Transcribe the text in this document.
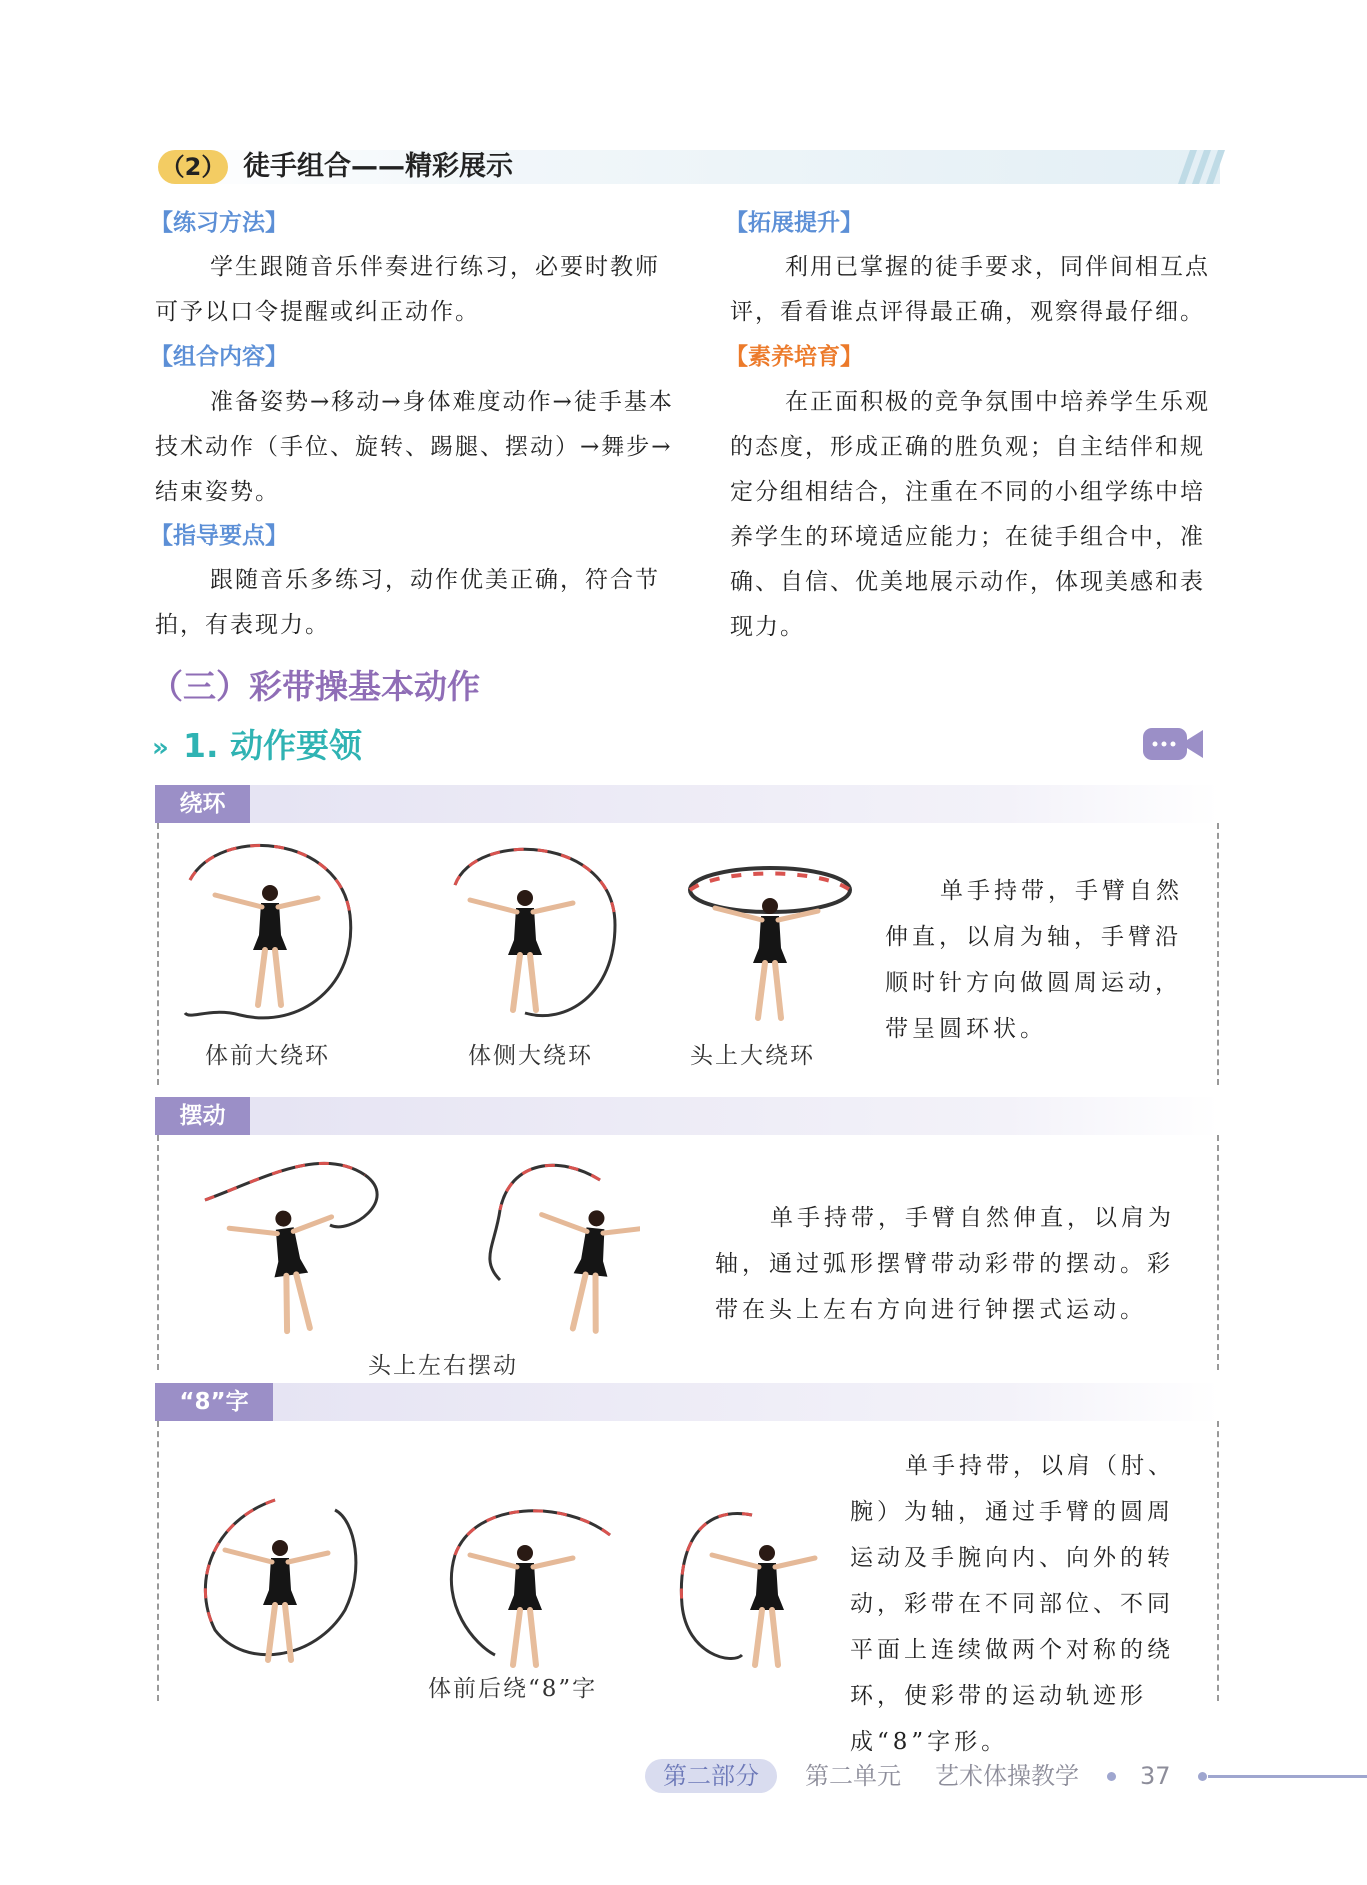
（2） 徒手组合——精彩展示
【练习方法】
学生跟随音乐伴奏进行练习，必要时教师可予以口令提醒或纠正动作。
【组合内容】
准备姿势→移动→身体难度动作→徒手基本技术动作（手位、旋转、踢腿、摆动）→舞步→结束姿势。
【指导要点】
跟随音乐多练习，动作优美正确，符合节拍，有表现力。
【拓展提升】
利用已掌握的徒手要求，同伴间相互点评，看看谁点评得最正确，观察得最仔细。
【素养培育】
在正面积极的竞争氛围中培养学生乐观的态度，形成正确的胜负观；自主结伴和规定分组相结合，注重在不同的小组学练中培养学生的环境适应能力；在徒手组合中，准确、自信、优美地展示动作，体现美感和表现力。
（三）彩带操基本动作
» 1. 动作要领
绕环
体前大绕环	体侧大绕环	头上大绕环
单手持带，手臂自然伸直，以肩为轴，手臂沿顺时针方向做圆周运动，带呈圆环状。
摆动
头上左右摆动
单手持带，手臂自然伸直，以肩为轴，通过弧形摆臂带动彩带的摆动。彩带在头上左右方向进行钟摆式运动。
“8”字
体前后绕“8”字
单手持带，以肩（肘、腕）为轴，通过手臂的圆周运动及手腕向内、向外的转动，彩带在不同部位、不同平面上连续做两个对称的绕环，使彩带的运动轨迹形成“8”字形。
第二部分	第二单元 艺术体操教学	37
